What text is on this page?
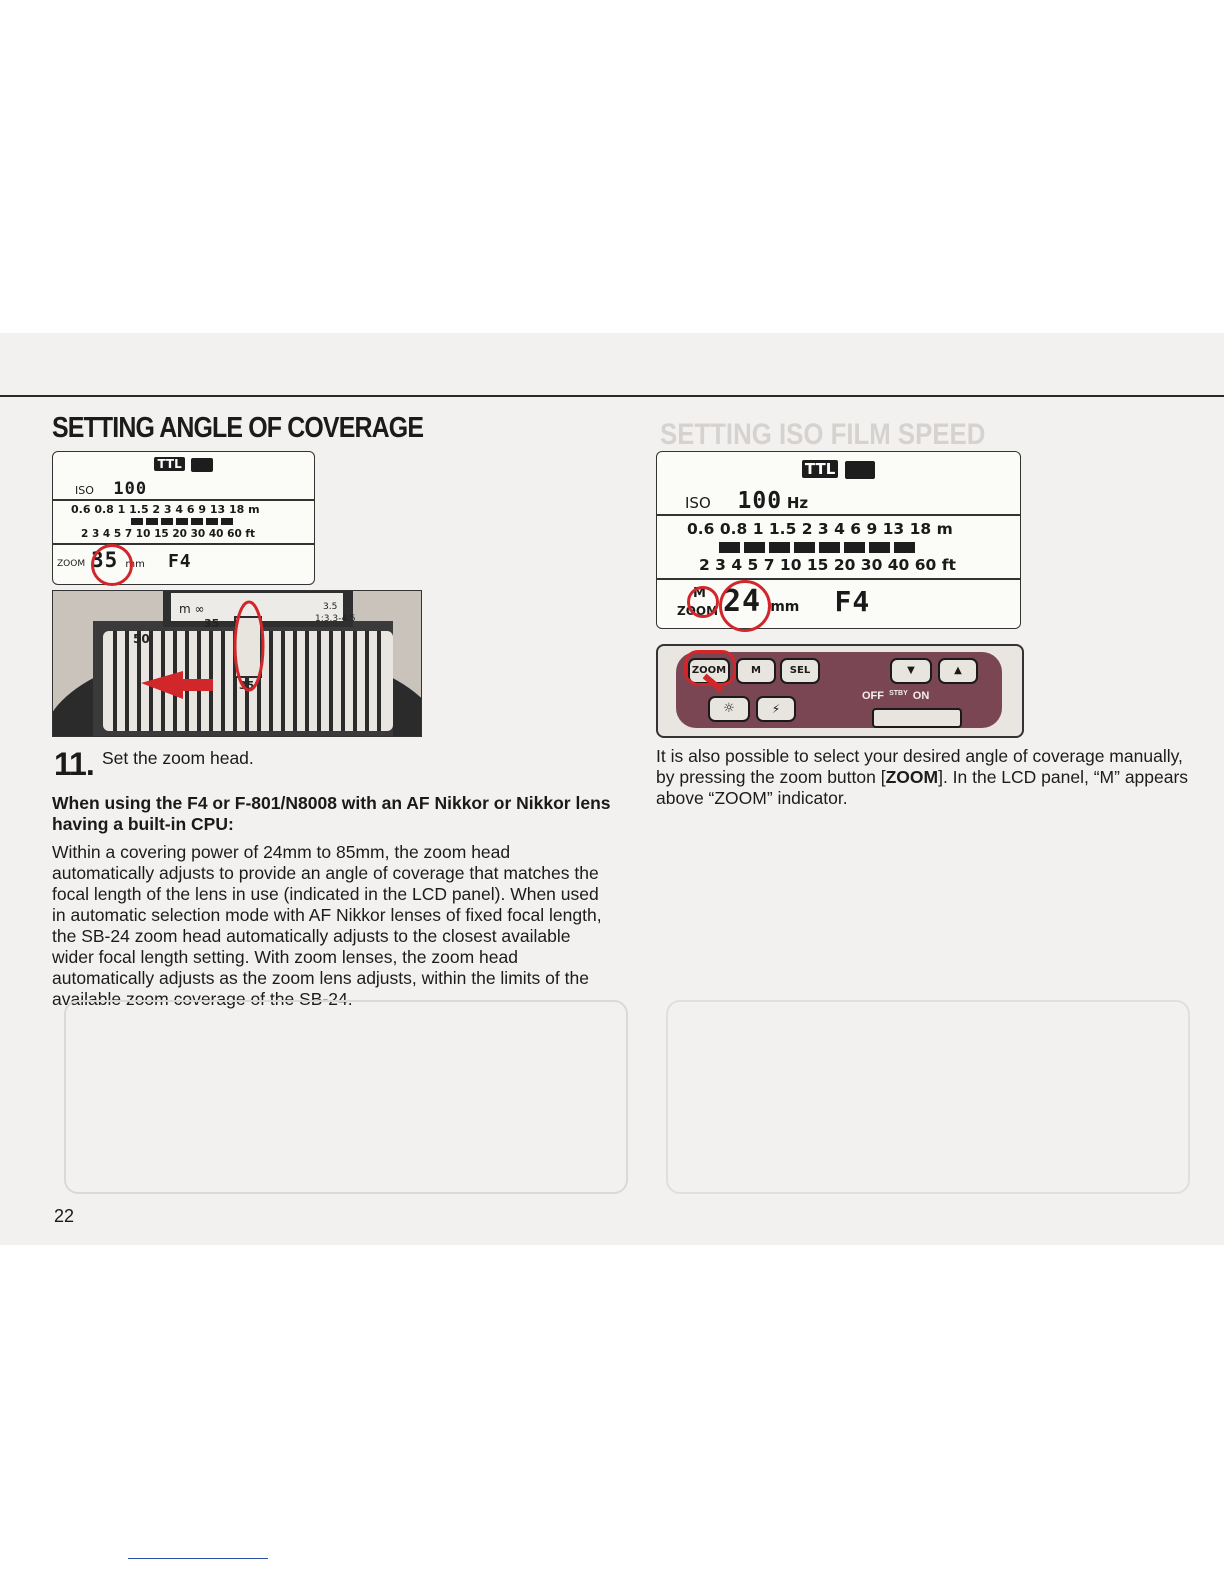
SETTING ISO FILM SPEED
SETTING ANGLE OF COVERAGE
TTL
ISO 100
0.6 0.8 1 1.5 2 3 4 6 9 13 18 m
2 3 4 5 7 10 15 20 30 40 60 ft
ZOOM 35 mm F4
m ∞	3.5
1:3.3-4.5
35
50
35
TTL
ISO 100 Hz
0.6 0.8 1 1.5 2 3 4 6 9 13 18 m
2 3 4 5 7 10 15 20 30 40 60 ft
M
ZOOM 24 mm F4
ZOOM	M	SEL	▼	▲
☼	⚡
OFF $^{STBY}$ ON
11. Set the zoom head.
When using the F4 or F-801/N8008 with an AF Nikkor or Nikkor lens having a built-in CPU:
Within a covering power of 24mm to 85mm, the zoom head automatically adjusts to provide an angle of coverage that matches the focal length of the lens in use (indicated in the LCD panel). When used in automatic selection mode with AF Nikkor lenses of fixed focal length, the SB-24 zoom head automatically adjusts to the closest available wider focal length setting. With zoom lenses, the zoom head automatically adjusts as the zoom lens adjusts, within the limits of the available zoom coverage of the SB-24.
It is also possible to select your desired angle of coverage manually, by pressing the zoom button [ZOOM]. In the LCD panel, “M” appears above “ZOOM” indicator.
22
